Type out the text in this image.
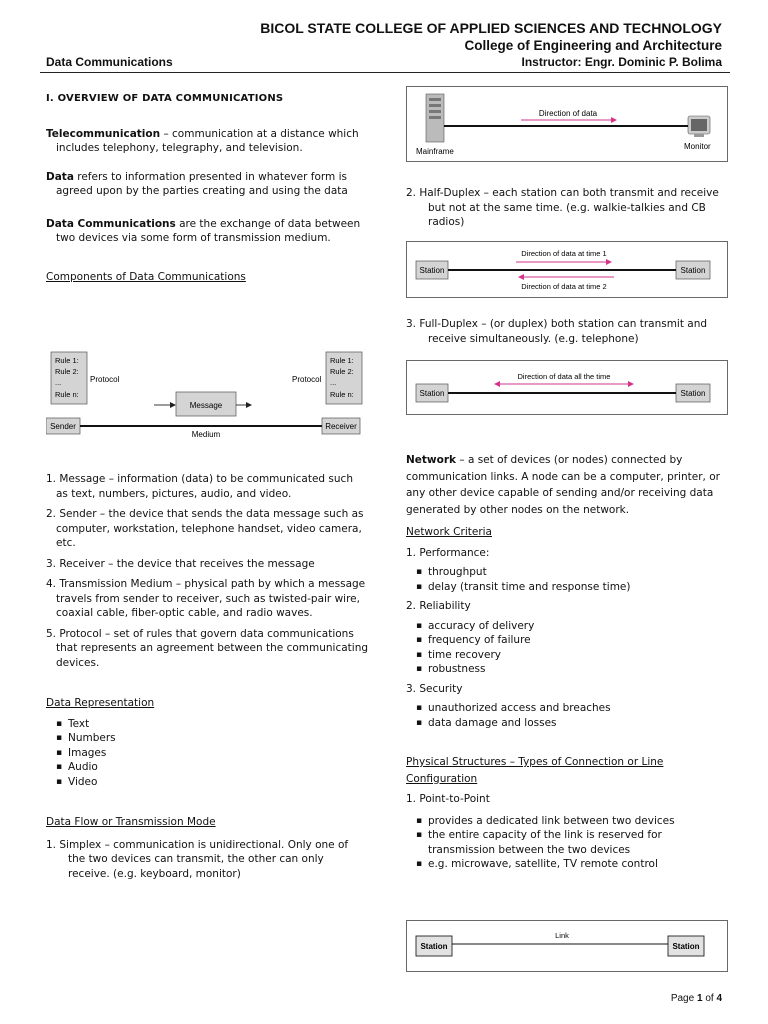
BICOL STATE COLLEGE OF APPLIED SCIENCES AND TECHNOLOGY
College of Engineering and Architecture
Instructor: Engr. Dominic P. Bolima
Data Communications

I. OVERVIEW OF DATA COMMUNICATIONS

Telecommunication – communication at a distance which includes telephony, telegraphy, and television.

Data refers to information presented in whatever form is agreed upon by the parties creating and using the data

Data Communications are the exchange of data between two devices via some form of transmission medium.

Components of Data Communications

Rule 1:
Rule 2:
...
Rule n:
Rule 1:
Rule 2:
...
Rule n:
Protocol	Protocol
Message
Sender	Receiver
Medium

1. Message – information (data) to be communicated such as text, numbers, pictures, audio, and video.

2. Sender – the device that sends the data message such as computer, workstation, telephone handset, video camera, etc.

3. Receiver – the device that receives the message

4. Transmission Medium – physical path by which a message travels from sender to receiver, such as twisted-pair wire, coaxial cable, fiber-optic cable, and radio waves.

5. Protocol – set of rules that govern data communications that represents an agreement between the communicating devices.

Data Representation

▪ Text
▪ Numbers
▪ Images
▪ Audio
▪ Video

Data Flow or Transmission Mode

1. Simplex – communication is unidirectional. Only one of the two devices can transmit, the other can only receive. (e.g. keyboard, monitor)

Direction of data
Mainframe
Monitor

2. Half-Duplex – each station can both transmit and receive but not at the same time. (e.g. walkie-talkies and CB radios)

Station	Station
Direction of data at time 1
Direction of data at time 2

3. Full-Duplex – (or duplex) both station can transmit and receive simultaneously. (e.g. telephone)

Station	Station
Direction of data all the time

Network – a set of devices (or nodes) connected by communication links. A node can be a computer, printer, or any other device capable of sending and/or receiving data generated by other nodes on the network.

Network Criteria

1. Performance:

▪ throughput
▪ delay (transit time and response time)

2. Reliability

▪ accuracy of delivery
▪ frequency of failure
▪ time recovery
▪ robustness

3. Security

▪ unauthorized access and breaches
▪ data damage and losses

Physical Structures – Types of Connection or Line Configuration

1. Point-to-Point

▪ provides a dedicated link between two devices
▪ the entire capacity of the link is reserved for transmission between the two devices
▪ e.g. microwave, satellite, TV remote control
Station	Station
Link
Page 1 of 4
